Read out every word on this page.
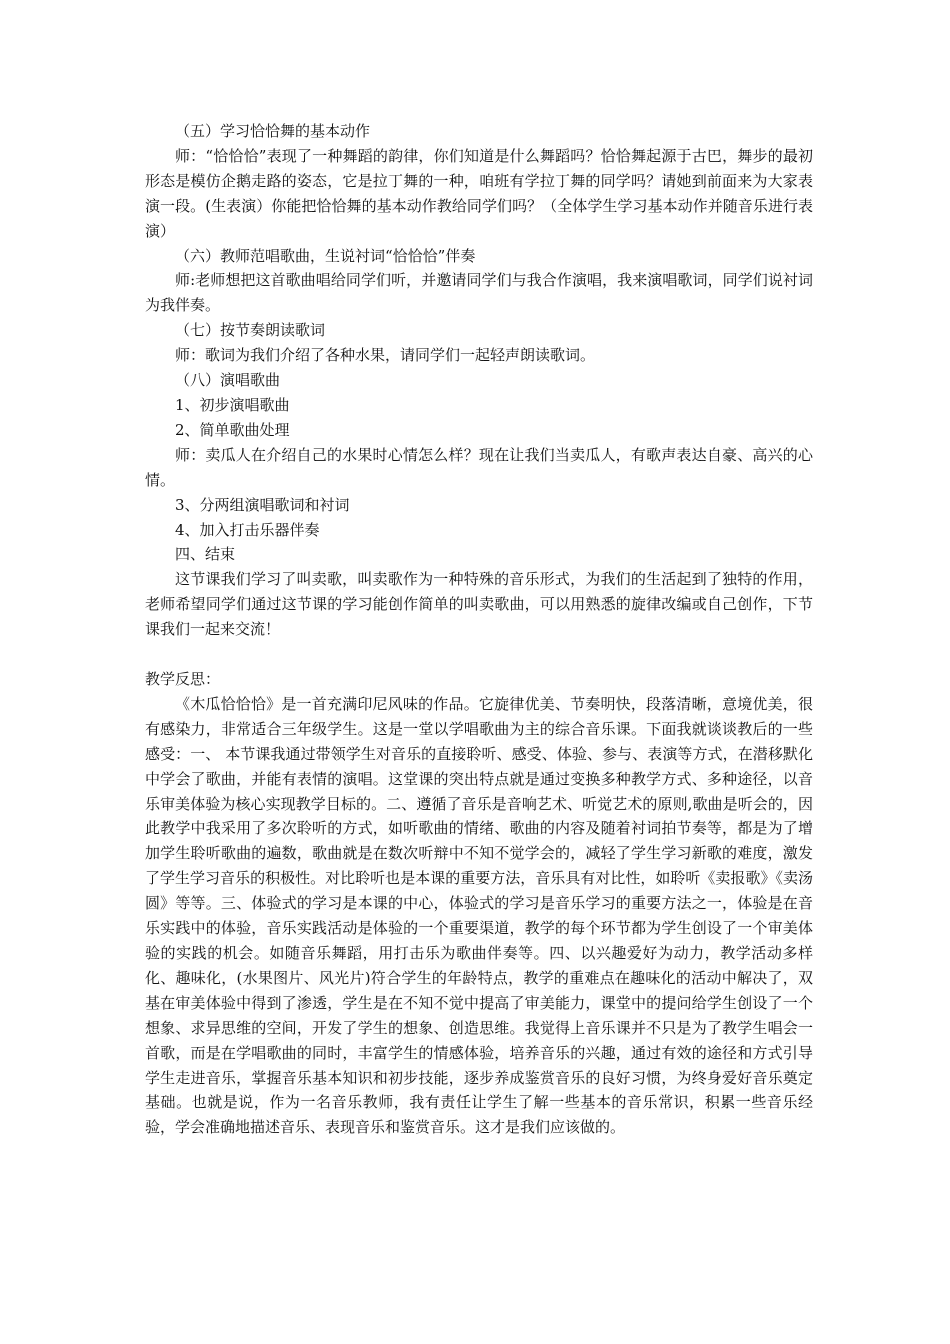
（五）学习恰恰舞的基本动作

师：“恰恰恰”表现了一种舞蹈的韵律，你们知道是什么舞蹈吗？恰恰舞起源于古巴，舞步的最初形态是模仿企鹅走路的姿态，它是拉丁舞的一种，咱班有学拉丁舞的同学吗？请她到前面来为大家表演一段。(生表演）你能把恰恰舞的基本动作教给同学们吗？（全体学生学习基本动作并随音乐进行表演）

（六）教师范唱歌曲，生说衬词“恰恰恰”伴奏

师:老师想把这首歌曲唱给同学们听，并邀请同学们与我合作演唱，我来演唱歌词，同学们说衬词为我伴奏。

（七）按节奏朗读歌词

师：歌词为我们介绍了各种水果，请同学们一起轻声朗读歌词。

（八）演唱歌曲

1、初步演唱歌曲

2、简单歌曲处理

师：卖瓜人在介绍自己的水果时心情怎么样？现在让我们当卖瓜人，有歌声表达自豪、高兴的心情。

3、分两组演唱歌词和衬词

4、加入打击乐器伴奏

四、结束

这节课我们学习了叫卖歌，叫卖歌作为一种特殊的音乐形式，为我们的生活起到了独特的作用，老师希望同学们通过这节课的学习能创作简单的叫卖歌曲，可以用熟悉的旋律改编或自己创作，下节课我们一起来交流！

教学反思：

《木瓜恰恰恰》是一首充满印尼风味的作品。它旋律优美、节奏明快，段落清晰，意境优美，很有感染力，非常适合三年级学生。这是一堂以学唱歌曲为主的综合音乐课。下面我就谈谈教后的一些感受：一、 本节课我通过带领学生对音乐的直接聆听、感受、体验、参与、表演等方式，在潜移默化中学会了歌曲，并能有表情的演唱。这堂课的突出特点就是通过变换多种教学方式、多种途径，以音乐审美体验为核心实现教学目标的。二、遵循了音乐是音响艺术、听觉艺术的原则,歌曲是听会的，因此教学中我采用了多次聆听的方式，如听歌曲的情绪、歌曲的内容及随着衬词拍节奏等，都是为了增加学生聆听歌曲的遍数，歌曲就是在数次听辩中不知不觉学会的，减轻了学生学习新歌的难度，激发了学生学习音乐的积极性。对比聆听也是本课的重要方法，音乐具有对比性，如聆听《卖报歌》《卖汤圆》等等。三、体验式的学习是本课的中心，体验式的学习是音乐学习的重要方法之一，体验是在音乐实践中的体验，音乐实践活动是体验的一个重要渠道，教学的每个环节都为学生创设了一个审美体验的实践的机会。如随音乐舞蹈，用打击乐为歌曲伴奏等。四、以兴趣爱好为动力，教学活动多样化、趣味化，(水果图片、风光片)符合学生的年龄特点，教学的重难点在趣味化的活动中解决了，双基在审美体验中得到了渗透，学生是在不知不觉中提高了审美能力，课堂中的提问给学生创设了一个想象、求异思维的空间，开发了学生的想象、创造思维。我觉得上音乐课并不只是为了教学生唱会一首歌，而是在学唱歌曲的同时，丰富学生的情感体验，培养音乐的兴趣，通过有效的途径和方式引导学生走进音乐，掌握音乐基本知识和初步技能，逐步养成鉴赏音乐的良好习惯，为终身爱好音乐奠定基础。也就是说，作为一名音乐教师，我有责任让学生了解一些基本的音乐常识，积累一些音乐经验，学会准确地描述音乐、表现音乐和鉴赏音乐。这才是我们应该做的。
